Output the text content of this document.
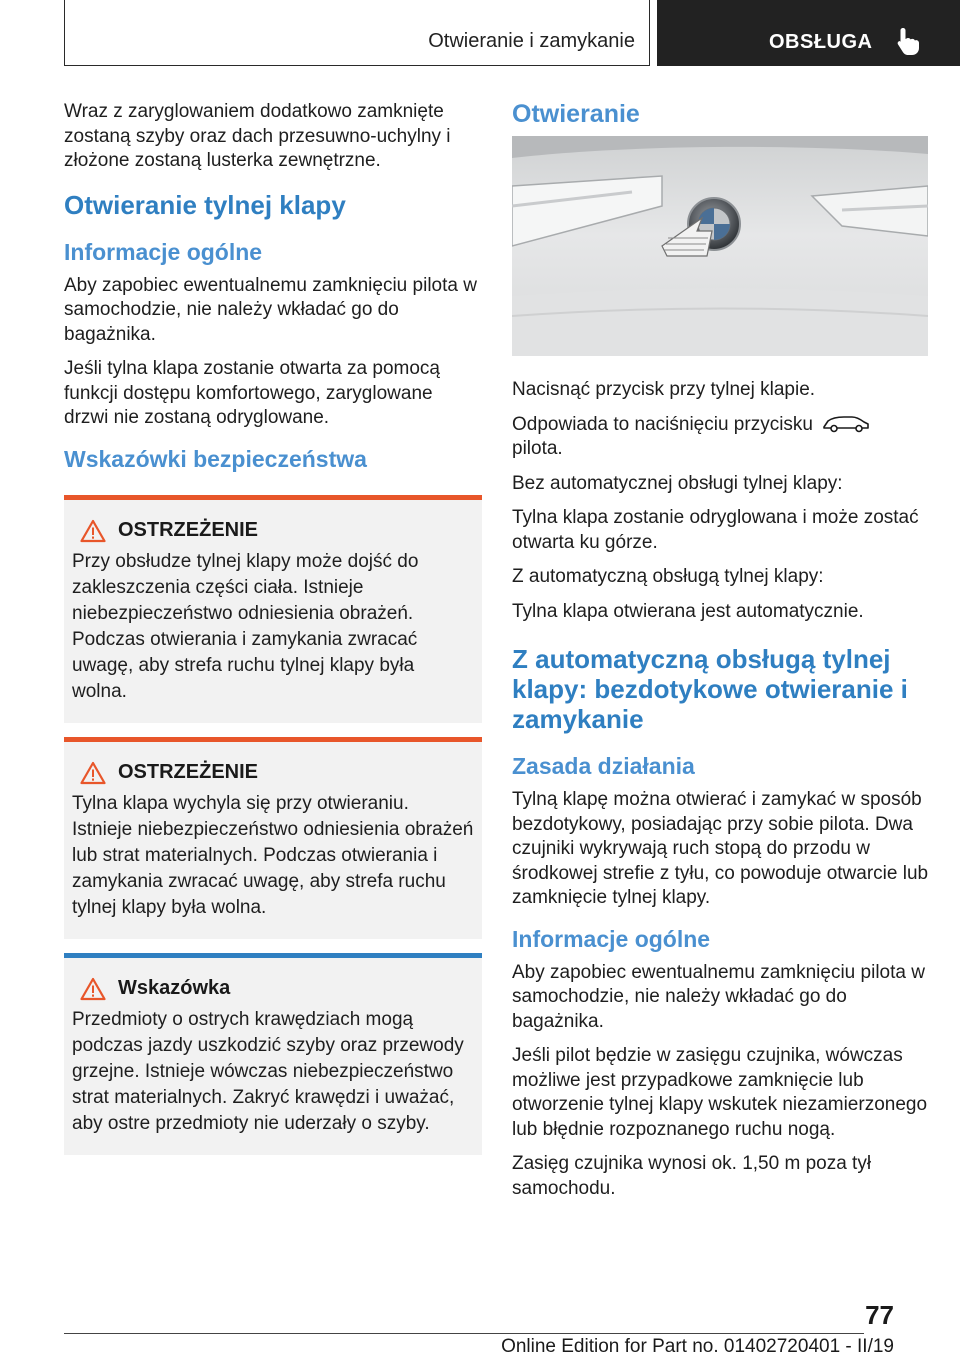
Otwieranie i zamykanie	OBSŁUGA

Wraz z zaryglowaniem dodatkowo zamknięte zostaną szyby oraz dach przesuwno-uchylny i złożone zostaną lusterka zewnętrzne.

Otwieranie tylnej klapy
Informacje ogólne

Aby zapobiec ewentualnemu zamknięciu pilota w samochodzie, nie należy wkładać go do bagażnika.

Jeśli tylna klapa zostanie otwarta za pomocą funkcji dostępu komfortowego, zaryglowane drzwi nie zostaną odryglowane.

Wskazówki bezpieczeństwa
OSTRZEŻENIE

Przy obsłudze tylnej klapy może dojść do zakleszczenia części ciała. Istnieje niebezpieczeństwo odniesienia obrażeń. Podczas otwierania i zamykania zwracać uwagę, aby strefa ruchu tylnej klapy była wolna.

OSTRZEŻENIE

Tylna klapa wychyla się przy otwieraniu. Istnieje niebezpieczeństwo odniesienia obrażeń lub strat materialnych. Podczas otwierania i zamykania zwracać uwagę, aby strefa ruchu tylnej klapy była wolna.

Wskazówka

Przedmioty o ostrych krawędziach mogą podczas jazdy uszkodzić szyby oraz przewody grzejne. Istnieje wówczas niebezpieczeństwo strat materialnych. Zakryć krawędzi i uważać, aby ostre przedmioty nie uderzały o szyby.

Otwieranie

Nacisnąć przycisk przy tylnej klapie.

Odpowiada to naciśnięciu przycisku  pilota.

Bez automatycznej obsługi tylnej klapy:

Tylna klapa zostanie odryglowana i może zostać otwarta ku górze.

Z automatyczną obsługą tylnej klapy:

Tylna klapa otwierana jest automatycznie.

Z automatyczną obsługą tylnej klapy: bezdotykowe otwieranie i zamykanie
Zasada działania

Tylną klapę można otwierać i zamykać w sposób bezdotykowy, posiadając przy sobie pilota. Dwa czujniki wykrywają ruch stopą do przodu w środkowej strefie z tyłu, co powoduje otwarcie lub zamknięcie tylnej klapy.

Informacje ogólne

Aby zapobiec ewentualnemu zamknięciu pilota w samochodzie, nie należy wkładać go do bagażnika.

Jeśli pilot będzie w zasięgu czujnika, wówczas możliwe jest przypadkowe zamknięcie lub otworzenie tylnej klapy wskutek niezamierzonego lub błędnie rozpoznanego ruchu nogą.

Zasięg czujnika wynosi ok. 1,50 m poza tył samochodu.

77
Online Edition for Part no. 01402720401 - II/19
